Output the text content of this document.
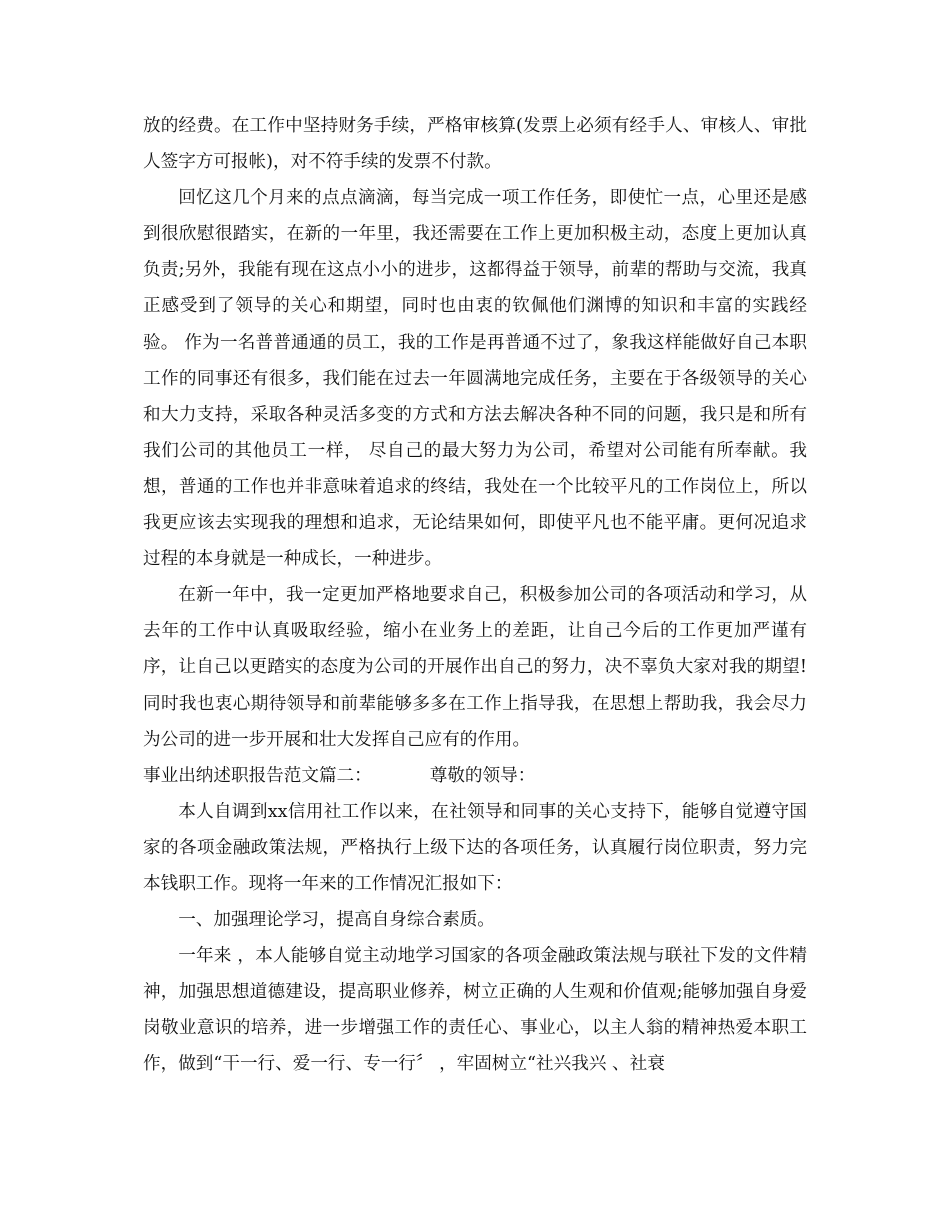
放的经费。在工作中坚持财务手续，严格审核算(发票上必须有经手人、审核人、审批人签字方可报帐)，对不符手续的发票不付款。

回忆这几个月来的点点滴滴，每当完成一项工作任务，即使忙一点，心里还是感到很欣慰很踏实，在新的一年里，我还需要在工作上更加积极主动，态度上更加认真负责;另外，我能有现在这点小小的进步，这都得益于领导，前辈的帮助与交流，我真正感受到了领导的关心和期望，同时也由衷的钦佩他们渊博的知识和丰富的实践经验。 作为一名普普通通的员工，我的工作是再普通不过了，象我这样能做好自己本职工作的同事还有很多，我们能在过去一年圆满地完成任务，主要在于各级领导的关心和大力支持，采取各种灵活多变的方式和方法去解决各种不同的问题，我只是和所有我们公司的其他员工一样， 尽自己的最大努力为公司，希望对公司能有所奉献。我想，普通的工作也并非意味着追求的终结，我处在一个比较平凡的工作岗位上，所以我更应该去实现我的理想和追求，无论结果如何，即使平凡也不能平庸。更何况追求过程的本身就是一种成长，一种进步。

在新一年中，我一定更加严格地要求自己，积极参加公司的各项活动和学习，从去年的工作中认真吸取经验，缩小在业务上的差距，让自己今后的工作更加严谨有序，让自己以更踏实的态度为公司的开展作出自己的努力，决不辜负大家对我的期望!同时我也衷心期待领导和前辈能够多多在工作上指导我，在思想上帮助我，我会尽力为公司的进一步开展和壮大发挥自己应有的作用。

事业出纳述职报告范文篇二：	尊敬的领导：

本人自调到xx信用社工作以来，在社领导和同事的关心支持下，能够自觉遵守国家的各项金融政策法规，严格执行上级下达的各项任务，认真履行岗位职责，努力完本钱职工作。现将一年来的工作情况汇报如下：

一、加强理论学习，提高自身综合素质。

一年来 ，本人能够自觉主动地学习国家的各项金融政策法规与联社下发的文件精神，加强思想道德建设，提高职业修养，树立正确的人生观和价值观;能够加强自身爱岗敬业意识的培养，进一步增强工作的责任心、事业心，以主人翁的精神热爱本职工作，做到“干一行、爱一行、专一行〞 ，牢固树立“社兴我兴 、社衰
